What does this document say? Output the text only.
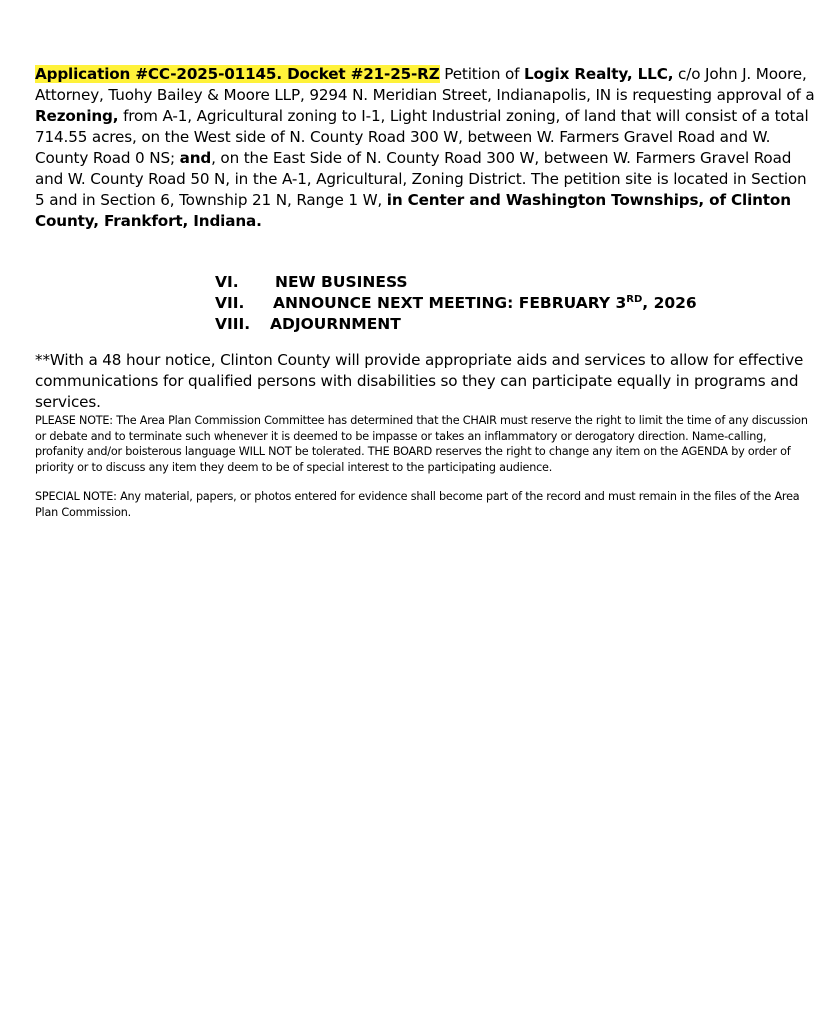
Application #CC-2025-01145. Docket #21-25-RZ Petition of Logix Realty, LLC, c/o John J. Moore, Attorney, Tuohy Bailey & Moore LLP, 9294 N. Meridian Street, Indianapolis, IN is requesting approval of a Rezoning, from A-1, Agricultural zoning to I-1, Light Industrial zoning, of land that will consist of a total 714.55 acres, on the West side of N. County Road 300 W, between W. Farmers Gravel Road and W. County Road 0 NS; and, on the East Side of N. County Road 300 W, between W. Farmers Gravel Road and W. County Road 50 N, in the A-1, Agricultural, Zoning District. The petition site is located in Section 5 and in Section 6, Township 21 N, Range 1 W, in Center and Washington Townships, of Clinton County, Frankfort, Indiana.
VI.	NEW BUSINESS
VII.	ANNOUNCE NEXT MEETING: FEBRUARY 3RD, 2026
VIII.	ADJOURNMENT
**With a 48 hour notice, Clinton County will provide appropriate aids and services to allow for effective communications for qualified persons with disabilities so they can participate equally in programs and services.
PLEASE NOTE: The Area Plan Commission Committee has determined that the CHAIR must reserve the right to limit the time of any discussion or debate and to terminate such whenever it is deemed to be impasse or takes an inflammatory or derogatory direction. Name-calling, profanity and/or boisterous language WILL NOT be tolerated. THE BOARD reserves the right to change any item on the AGENDA by order of priority or to discuss any item they deem to be of special interest to the participating audience.
SPECIAL NOTE: Any material, papers, or photos entered for evidence shall become part of the record and must remain in the files of the Area Plan Commission.
